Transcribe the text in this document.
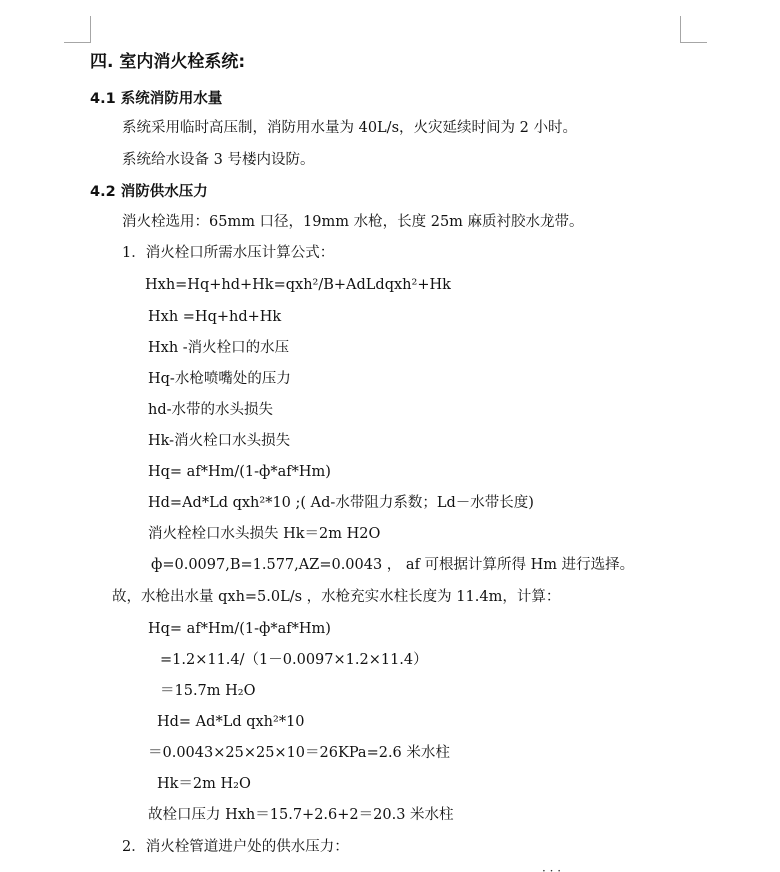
四. 室内消火栓系统:
4.1 系统消防用水量
系统采用临时高压制，消防用水量为 40L/s，火灾延续时间为 2 小时。
系统给水设备 3 号楼内设防。
4.2 消防供水压力
消火栓选用：65mm 口径，19mm 水枪，长度 25m 麻质衬胶水龙带。
1．消火栓口所需水压计算公式：
Hxh=Hq+hd+Hk=qxh²/B+AdLdqxh²+Hk
Hxh =Hq+hd+Hk
Hxh -消火栓口的水压
Hq-水枪喷嘴处的压力
hd-水带的水头损失
Hk-消火栓口水头损失
Hq= af*Hm/(1-ф*af*Hm)
Hd=Ad*Ld qxh²*10 ;( Ad-水带阻力系数；Ld－水带长度)
消火栓栓口水头损失 Hk＝2m H2O
ф=0.0097,B=1.577,AZ=0.0043 ， af 可根据计算所得 Hm 进行选择。
故，水枪出水量 qxh=5.0L/s ，水枪充实水柱长度为 11.4m，计算：
Hq= af*Hm/(1-ф*af*Hm)
=1.2×11.4/（1－0.0097×1.2×11.4）
＝15.7m H₂O
Hd= Ad*Ld qxh²*10
＝0.0043×25×25×10＝26KPa=2.6 米水柱
Hk＝2m H₂O
故栓口压力 Hxh＝15.7+2.6+2＝20.3 米水柱
2．消火栓管道进户处的供水压力：
· · ·
